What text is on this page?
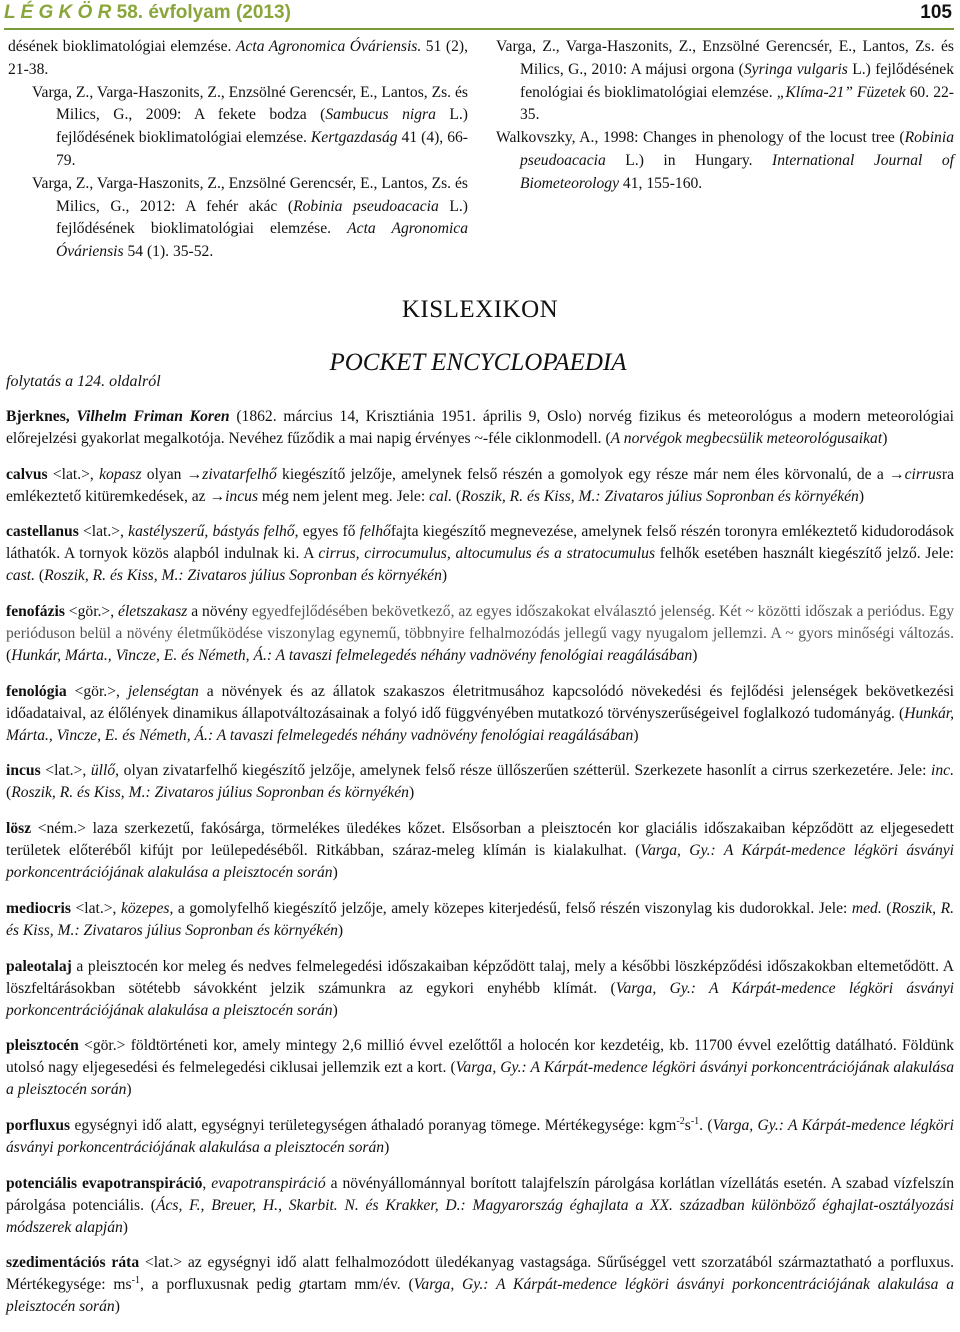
L É G K Ö R 58. évfolyam (2013)	105

désének bioklimatológiai elemzése. Acta Agronomica Óváriensis. 51 (2), 21-38.

Varga, Z., Varga-Haszonits, Z., Enzsölné Gerencsér, E., Lantos, Zs. és Milics, G., 2009: A fekete bodza (Sambucus nigra L.) fejlődésének bioklimatológiai elemzése. Kertgazdaság 41 (4), 66-79.

Varga, Z., Varga-Haszonits, Z., Enzsölné Gerencsér, E., Lantos, Zs. és Milics, G., 2012: A fehér akác (Robinia pseudoacacia L.) fejlődésének bioklimatológiai elemzése. Acta Agronomica Óváriensis 54 (1). 35-52.

Varga, Z., Varga-Haszonits, Z., Enzsölné Gerencsér, E., Lantos, Zs. és Milics, G., 2010: A májusi orgona (Syringa vulgaris L.) fejlődésének fenológiai és bioklimatológiai elemzése. „Klíma-21” Füzetek 60. 22-35.

Walkovszky, A., 1998: Changes in phenology of the locust tree (Robinia pseudoacacia L.) in Hungary. International Journal of Biometeorology 41, 155-160.

KISLEXIKON
POCKET ENCYCLOPAEDIA
folytatás a 124. oldalról

Bjerknes, Vilhelm Friman Koren (1862. március 14, Krisztiánia 1951. április 9, Oslo) norvég fizikus és meteorológus a modern meteorológiai előrejelzési gyakorlat megalkotója. Nevéhez fűződik a mai napig érvényes ~-féle ciklonmodell. (A norvégok megbecsülik meteorológusaikat)

calvus <lat.>, kopasz olyan →zivatarfelhő kiegészítő jelzője, amelynek felső részén a gomolyok egy része már nem éles körvonalú, de a →cirrusra emlékeztető kitüremkedések, az →incus még nem jelent meg. Jele: cal. (Roszik, R. és Kiss, M.: Zivataros július Sopronban és környékén)

castellanus <lat.>, kastélyszerű, bástyás felhő, egyes fő felhőfajta kiegészítő megnevezése, amelynek felső részén toronyra emlékeztető kidudorodások láthatók. A tornyok közös alapból indulnak ki. A cirrus, cirrocumulus, altocumulus és a stratocumulus felhők esetében használt kiegészítő jelző. Jele: cast. (Roszik, R. és Kiss, M.: Zivataros július Sopronban és környékén)

fenofázis <gör.>, életszakasz a növény egyedfejlődésében bekövetkező, az egyes időszakokat elválasztó jelenség. Két ~ közötti időszak a periódus. Egy perióduson belül a növény életműködése viszonylag egynemű, többnyire felhalmozódás jellegű vagy nyugalom jellemzi. A ~ gyors minőségi változás. (Hunkár, Márta., Vincze, E. és Németh, Á.: A tavaszi felmelegedés néhány vadnövény fenológiai reagálásában)

fenológia <gör.>, jelenségtan a növények és az állatok szakaszos életritmusához kapcsolódó növekedési és fejlődési jelenségek bekövetkezési időadataival, az élőlények dinamikus állapotváltozásainak a folyó idő függvényében mutatkozó törvényszerűségeivel foglalkozó tudományág. (Hunkár, Márta., Vincze, E. és Németh, Á.: A tavaszi felmelegedés néhány vadnövény fenológiai reagálásában)

incus <lat.>, üllő, olyan zivatarfelhő kiegészítő jelzője, amelynek felső része üllőszerűen szétterül. Szerkezete hasonlít a cirrus szerkezetére. Jele: inc. (Roszik, R. és Kiss, M.: Zivataros július Sopronban és környékén)

lösz <ném.> laza szerkezetű, fakósárga, törmelékes üledékes kőzet. Elsősorban a pleisztocén kor glaciális időszakaiban képződött az eljegesedett területek előteréből kifújt por leülepedéséből. Ritkábban, száraz-meleg klímán is kialakulhat. (Varga, Gy.: A Kárpát-medence légköri ásványi porkoncentrációjának alakulása a pleisztocén során)

mediocris <lat.>, közepes, a gomolyfelhő kiegészítő jelzője, amely közepes kiterjedésű, felső részén viszonylag kis dudorokkal. Jele: med. (Roszik, R. és Kiss, M.: Zivataros július Sopronban és környékén)

paleotalaj a pleisztocén kor meleg és nedves felmelegedési időszakaiban képződött talaj, mely a későbbi löszképződési időszakokban eltemetődött. A löszfeltárásokban sötétebb sávokként jelzik számunkra az egykori enyhébb klímát. (Varga, Gy.: A Kárpát-medence légköri ásványi porkoncentrációjának alakulása a pleisztocén során)

pleisztocén <gör.> földtörténeti kor, amely mintegy 2,6 millió évvel ezelőttől a holocén kor kezdetéig, kb. 11700 évvel ezelőttig datálható. Földünk utolsó nagy eljegesedési és felmelegedési ciklusai jellemzik ezt a kort. (Varga, Gy.: A Kárpát-medence légköri ásványi porkoncentrációjának alakulása a pleisztocén során)

porfluxus egységnyi idő alatt, egységnyi területegységen áthaladó poranyag tömege. Mértékegysége: $kgm^{-2}s^{-1}$. (Varga, Gy.: A Kárpát-medence légköri ásványi porkoncentrációjának alakulása a pleisztocén során)

potenciális evapotranspiráció, evapotranspiráció a növényállománnyal borított talajfelszín párolgása korlátlan vízellátás esetén. A szabad vízfelszín párolgása potenciális. (Ács, F., Breuer, H., Skarbit. N. és Krakker, D.: Magyarország éghajlata a XX. században különböző éghajlat-osztályozási módszerek alapján)

szedimentációs ráta <lat.> az egységnyi idő alatt felhalmozódott üledékanyag vastagsága. Sűrűséggel vett szorzatából származtatható a porfluxus. Mértékegysége: $ms^{-1}$, a porfluxusnak pedig gtartam mm/év. (Varga, Gy.: A Kárpát-medence légköri ásványi porkoncentrációjának alakulása a pleisztocén során)
